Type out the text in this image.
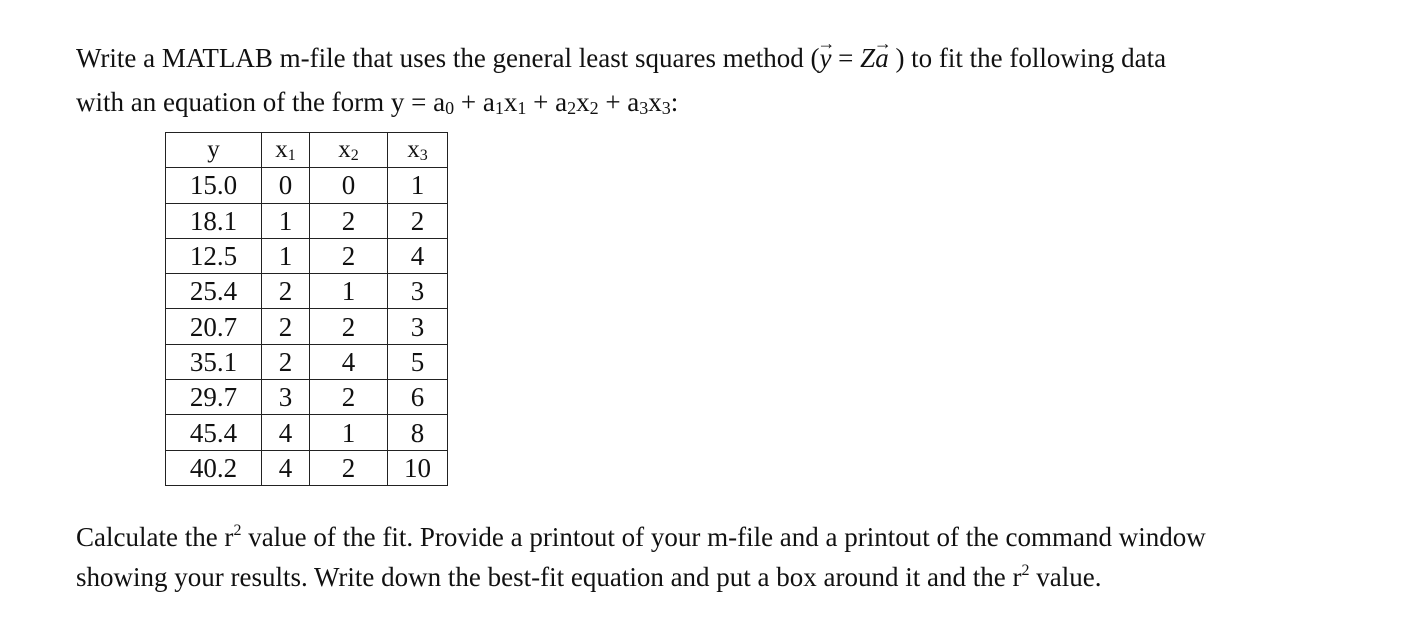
Write a MATLAB m-file that uses the general least squares method (y → = Za → ) to fit the following data
with an equation of the form $y = a_0 + a_1x_1 + a_2x_2 + a_3x_3$:
y	$x_1$	$x_2$	$x_3$
15.0	0	0	1
18.1	1	2	2
12.5	1	2	4
25.4	2	1	3
20.7	2	2	3
35.1	2	4	5
29.7	3	2	6
45.4	4	1	8
40.2	4	2	10
Calculate the $r^2$ value of the fit. Provide a printout of your m-file and a printout of the command window
showing your results. Write down the best-fit equation and put a box around it and the $r^2$ value.
